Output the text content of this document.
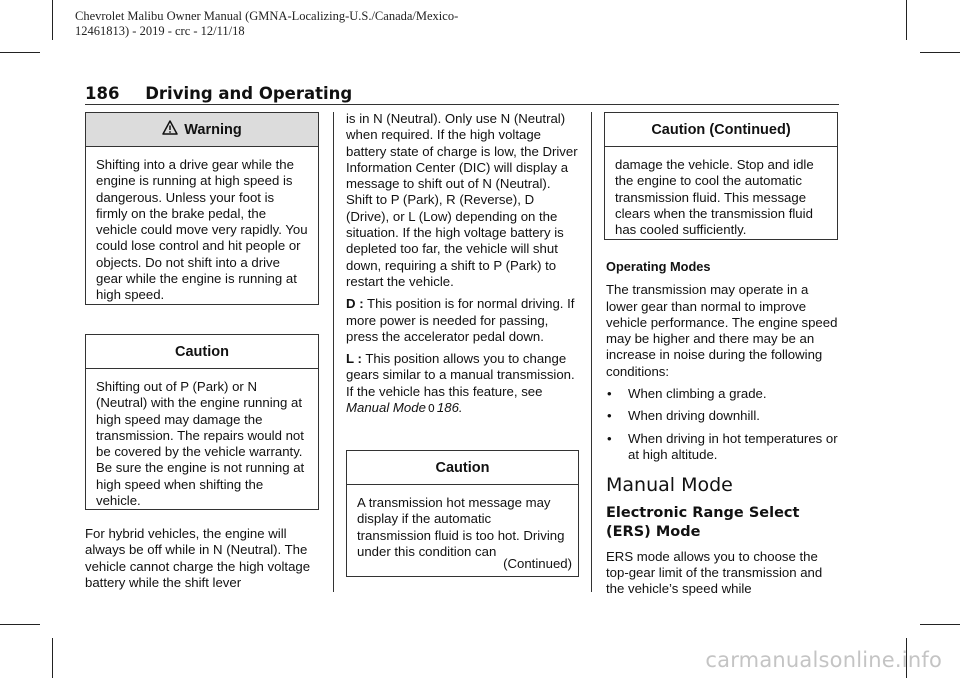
Chevrolet Malibu Owner Manual (GMNA-Localizing-U.S./Canada/Mexico-
12461813) - 2019 - crc - 12/11/18
186 Driving and Operating
Warning
Shifting into a drive gear while the engine is running at high speed is dangerous. Unless your foot is firmly on the brake pedal, the vehicle could move very rapidly. You could lose control and hit people or objects. Do not shift into a drive gear while the engine is running at high speed.
Caution
Shifting out of P (Park) or N (Neutral) with the engine running at high speed may damage the transmission. The repairs would not be covered by the vehicle warranty. Be sure the engine is not running at high speed when shifting the vehicle.

For hybrid vehicles, the engine will always be off while in N (Neutral). The vehicle cannot charge the high voltage battery while the shift lever

is in N (Neutral). Only use N (Neutral) when required. If the high voltage battery state of charge is low, the Driver Information Center (DIC) will display a message to shift out of N (Neutral). Shift to P (Park), R (Reverse), D (Drive), or L (Low) depending on the situation. If the high voltage battery is depleted too far, the vehicle will shut down, requiring a shift to P (Park) to restart the vehicle.

D : This position is for normal driving. If more power is needed for passing, press the accelerator pedal down.

L : This position allows you to change gears similar to a manual transmission. If the vehicle has this feature, see Manual Mode 0 186.

Caution
A transmission hot message may display if the automatic transmission fluid is too hot. Driving under this condition can
(Continued)
Caution (Continued)
damage the vehicle. Stop and idle the engine to cool the automatic transmission fluid. This message clears when the transmission fluid has cooled sufficiently.
Operating Modes

The transmission may operate in a lower gear than normal to improve vehicle performance. The engine speed may be higher and there may be an increase in noise during the following conditions:

• When climbing a grade.
• When driving downhill.
• When driving in hot temperatures or at high altitude.
Manual Mode
Electronic Range Select (ERS) Mode

ERS mode allows you to choose the top-gear limit of the transmission and the vehicle’s speed while

carmanualsonline.info
